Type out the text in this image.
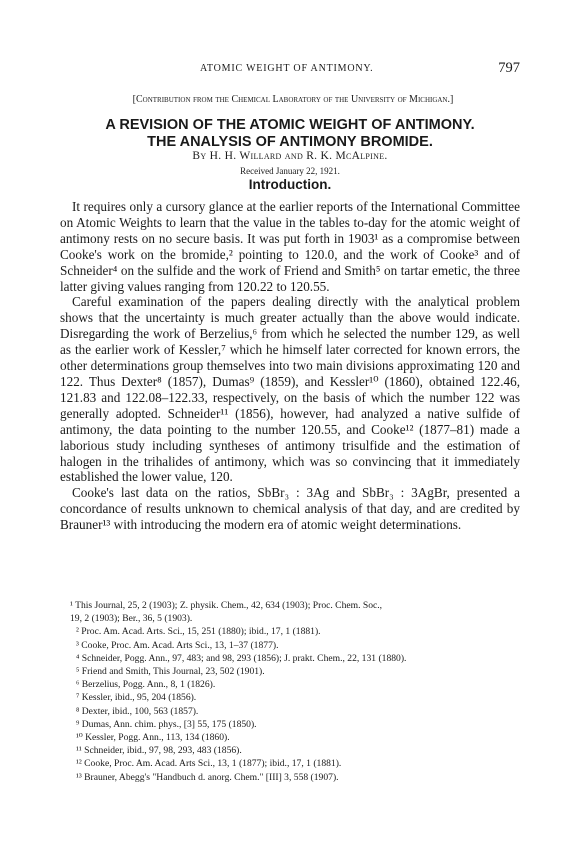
ATOMIC WEIGHT OF ANTIMONY.	797
[Contribution from the Chemical Laboratory of the University of Michigan.]
A REVISION OF THE ATOMIC WEIGHT OF ANTIMONY.
THE ANALYSIS OF ANTIMONY BROMIDE.
By H. H. Willard and R. K. McAlpine.
Received January 22, 1921.
Introduction.

It requires only a cursory glance at the earlier reports of the International Committee on Atomic Weights to learn that the value in the tables to-day for the atomic weight of antimony rests on no secure basis. It was put forth in 1903¹ as a compromise between Cooke's work on the bromide,² pointing to 120.0, and the work of Cooke³ and of Schneider⁴ on the sulfide and the work of Friend and Smith⁵ on tartar emetic, the three latter giving values ranging from 120.22 to 120.55.

Careful examination of the papers dealing directly with the analytical problem shows that the uncertainty is much greater actually than the above would indicate. Disregarding the work of Berzelius,⁶ from which he selected the number 129, as well as the earlier work of Kessler,⁷ which he himself later corrected for known errors, the other determinations group themselves into two main divisions approximating 120 and 122. Thus Dexter⁸ (1857), Dumas⁹ (1859), and Kessler¹⁰ (1860), obtained 122.46, 121.83 and 122.08–122.33, respectively, on the basis of which the number 122 was generally adopted. Schneider¹¹ (1856), however, had analyzed a native sulfide of antimony, the data pointing to the number 120.55, and Cooke¹² (1877–81) made a laborious study including syntheses of antimony trisulfide and the estimation of halogen in the trihalides of antimony, which was so convincing that it immediately established the lower value, 120.

Cooke's last data on the ratios, SbBr₃ : 3Ag and SbBr₃ : 3AgBr, presented a concordance of results unknown to chemical analysis of that day, and are credited by Brauner¹³ with introducing the modern era of atomic weight determinations.

¹ This Journal, 25, 2 (1903); Z. physik. Chem., 42, 634 (1903); Proc. Chem. Soc.,
19, 2 (1903); Ber., 36, 5 (1903).
² Proc. Am. Acad. Arts. Sci., 15, 251 (1880); ibid., 17, 1 (1881).
³ Cooke, Proc. Am. Acad. Arts Sci., 13, 1–37 (1877).
⁴ Schneider, Pogg. Ann., 97, 483; and 98, 293 (1856); J. prakt. Chem., 22, 131 (1880).
⁵ Friend and Smith, This Journal, 23, 502 (1901).
⁶ Berzelius, Pogg. Ann., 8, 1 (1826).
⁷ Kessler, ibid., 95, 204 (1856).
⁸ Dexter, ibid., 100, 563 (1857).
⁹ Dumas, Ann. chim. phys., [3] 55, 175 (1850).
¹⁰ Kessler, Pogg. Ann., 113, 134 (1860).
¹¹ Schneider, ibid., 97, 98, 293, 483 (1856).
¹² Cooke, Proc. Am. Acad. Arts Sci., 13, 1 (1877); ibid., 17, 1 (1881).
¹³ Brauner, Abegg's "Handbuch d. anorg. Chem." [III] 3, 558 (1907).
